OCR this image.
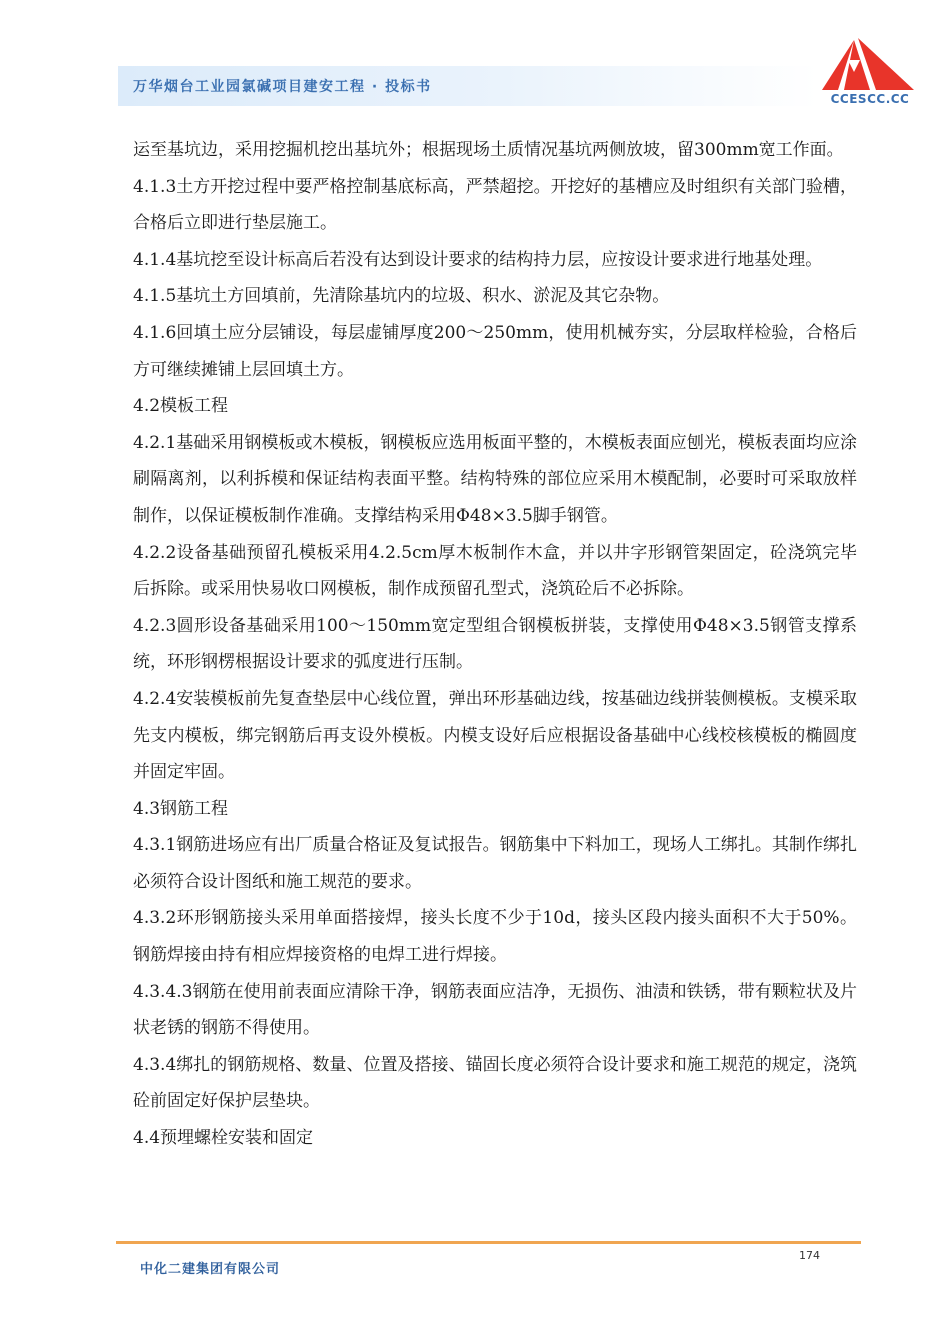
万华烟台工业园氯碱项目建安工程 · 投标书
CCESCC.CC

运至基坑边，采用挖掘机挖出基坑外；根据现场土质情况基坑两侧放坡，留300mm宽工作面。

4.1.3土方开挖过程中要严格控制基底标高，严禁超挖。开挖好的基槽应及时组织有关部门验槽，合格后立即进行垫层施工。

4.1.4基坑挖至设计标高后若没有达到设计要求的结构持力层，应按设计要求进行地基处理。

4.1.5基坑土方回填前，先清除基坑内的垃圾、积水、淤泥及其它杂物。

4.1.6回填土应分层铺设，每层虚铺厚度200～250mm，使用机械夯实，分层取样检验，合格后方可继续摊铺上层回填土方。

4.2模板工程

4.2.1基础采用钢模板或木模板，钢模板应选用板面平整的，木模板表面应刨光，模板表面均应涂刷隔离剂，以利拆模和保证结构表面平整。结构特殊的部位应采用木模配制，必要时可采取放样制作，以保证模板制作准确。支撑结构采用Φ48×3.5脚手钢管。

4.2.2设备基础预留孔模板采用4.2.5cm厚木板制作木盒，并以井字形钢管架固定，砼浇筑完毕后拆除。或采用快易收口网模板，制作成预留孔型式，浇筑砼后不必拆除。

4.2.3圆形设备基础采用100～150mm宽定型组合钢模板拼装，支撑使用Φ48×3.5钢管支撑系统，环形钢楞根据设计要求的弧度进行压制。

4.2.4安装模板前先复查垫层中心线位置，弹出环形基础边线，按基础边线拼装侧模板。支模采取先支内模板，绑完钢筋后再支设外模板。内模支设好后应根据设备基础中心线校核模板的椭圆度并固定牢固。

4.3钢筋工程

4.3.1钢筋进场应有出厂质量合格证及复试报告。钢筋集中下料加工，现场人工绑扎。其制作绑扎必须符合设计图纸和施工规范的要求。

4.3.2环形钢筋接头采用单面搭接焊，接头长度不少于10d，接头区段内接头面积不大于50%。钢筋焊接由持有相应焊接资格的电焊工进行焊接。

4.3.4.3钢筋在使用前表面应清除干净，钢筋表面应洁净，无损伤、油渍和铁锈，带有颗粒状及片状老锈的钢筋不得使用。

4.3.4绑扎的钢筋规格、数量、位置及搭接、锚固长度必须符合设计要求和施工规范的规定，浇筑砼前固定好保护层垫块。

4.4预埋螺栓安装和固定

174
中化二建集团有限公司
